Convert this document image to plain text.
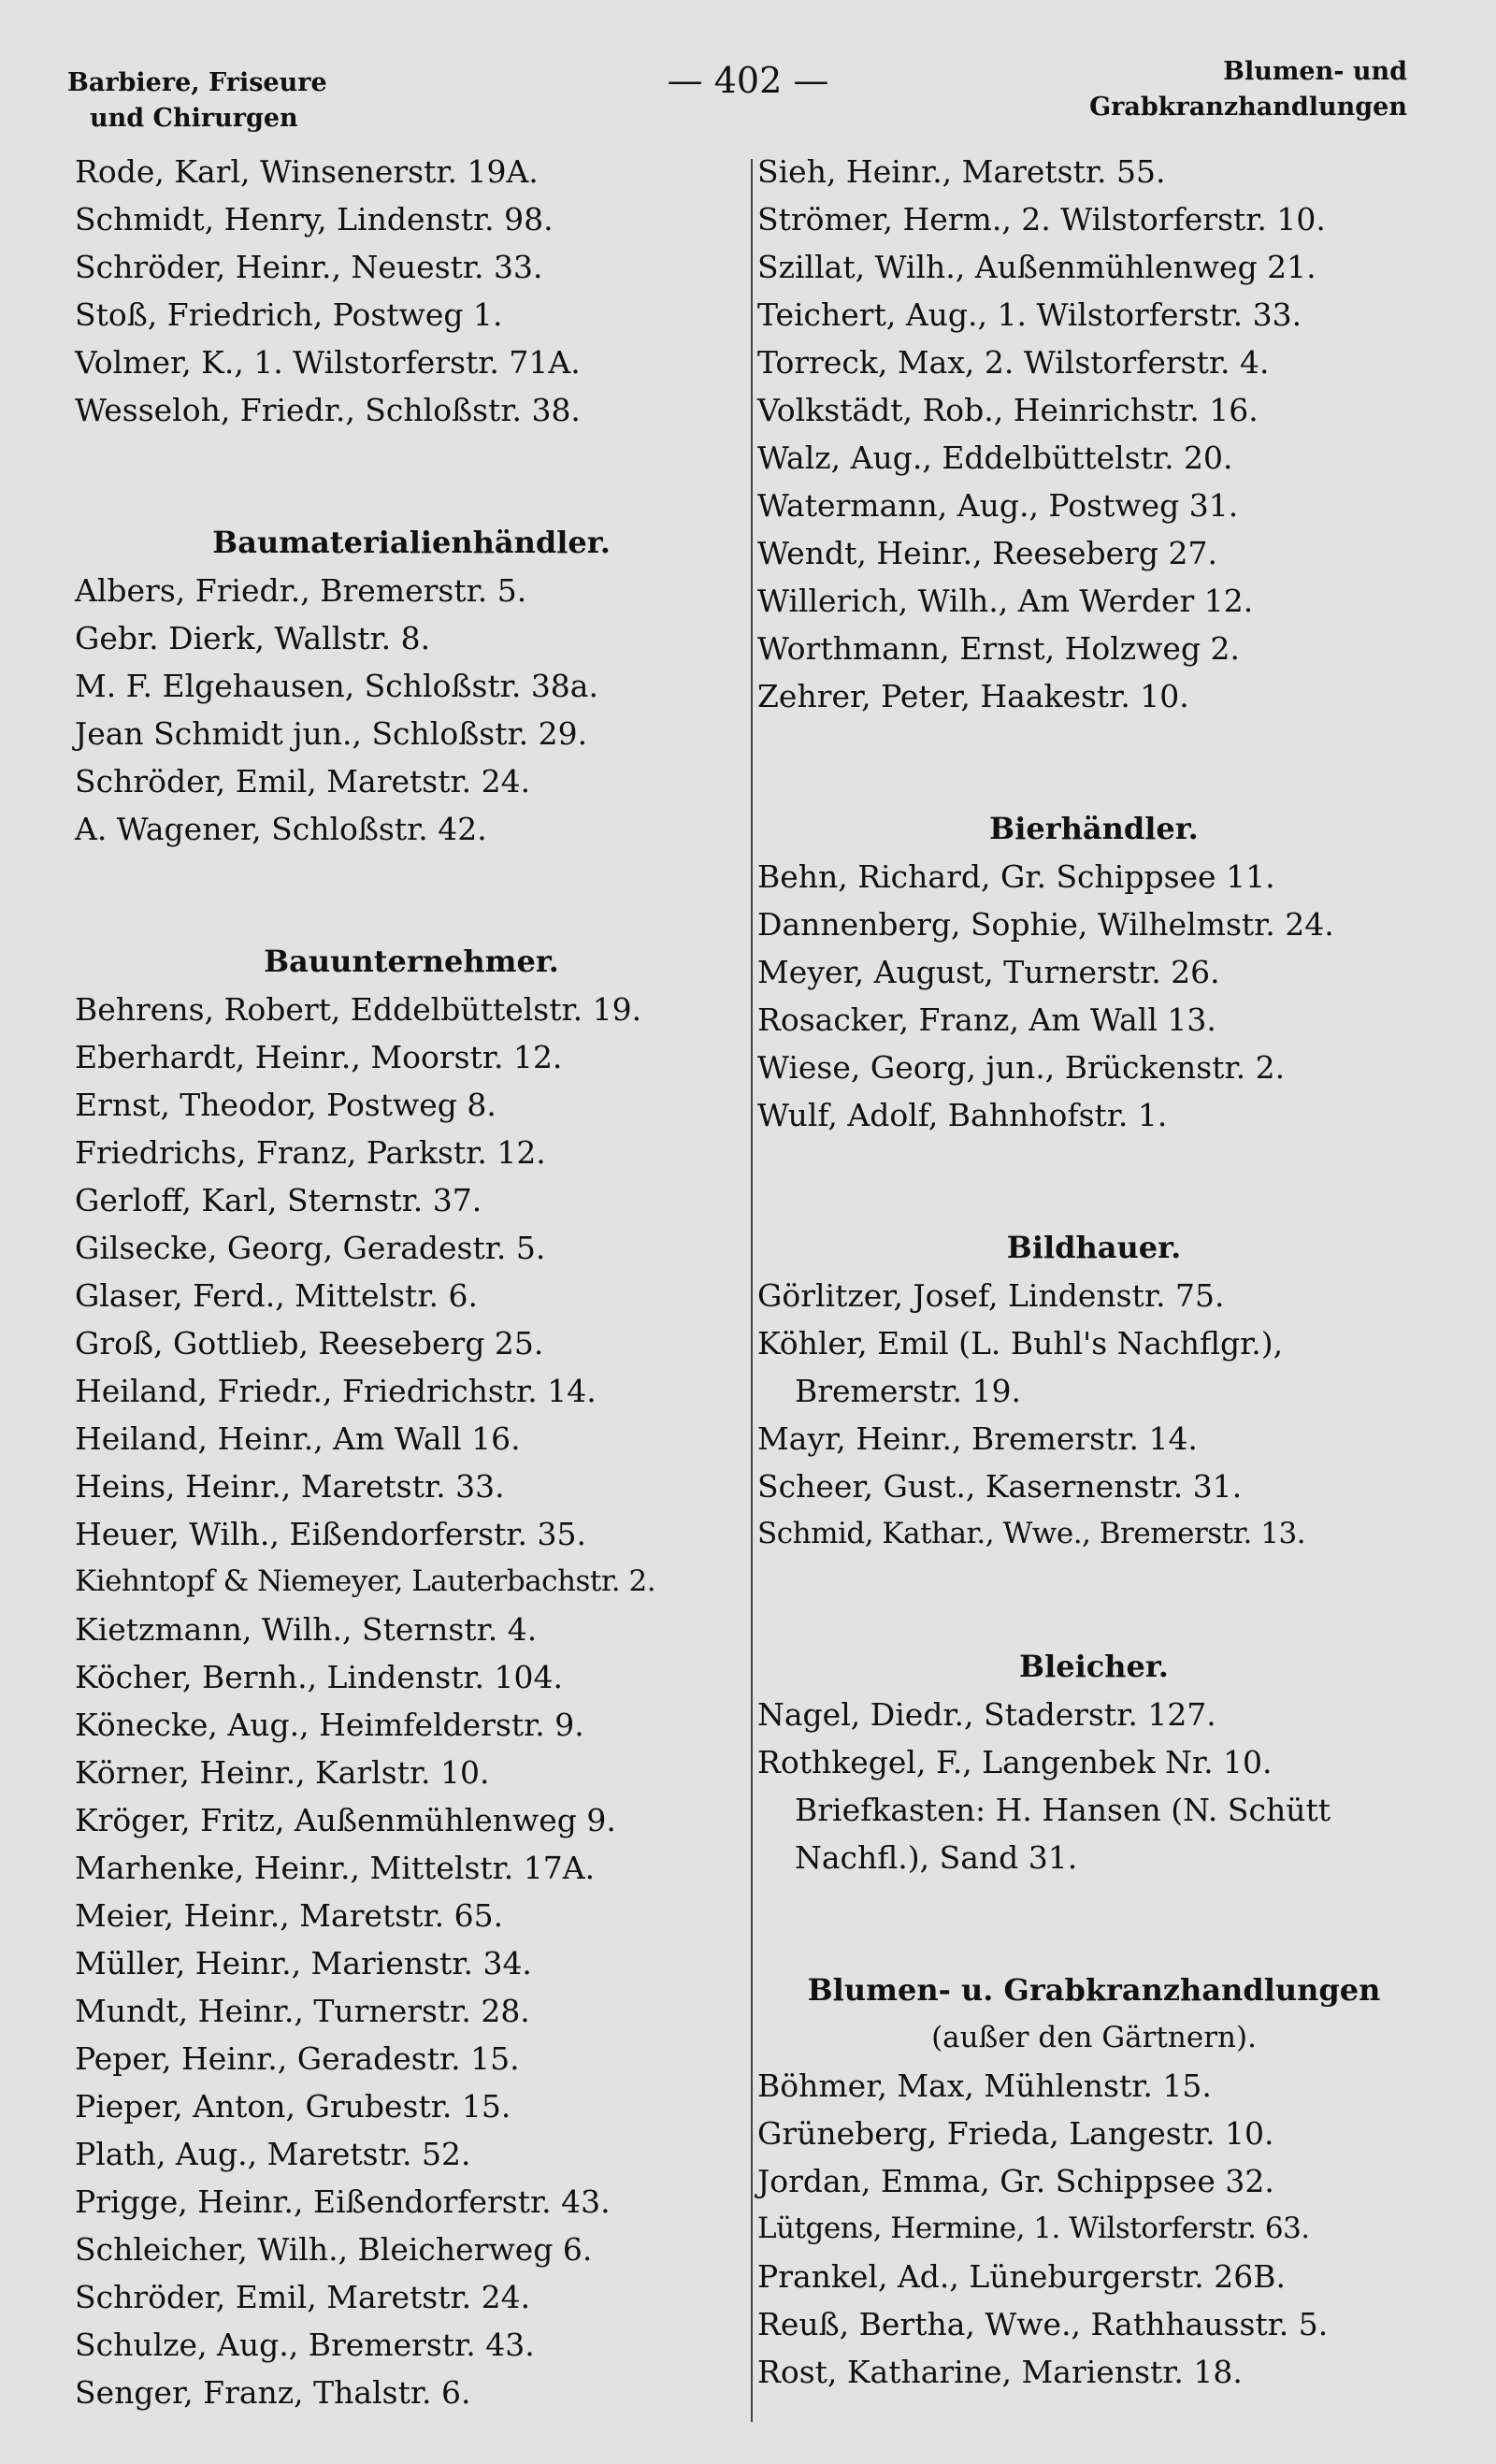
Barbiere, Friseure
und Chirurgen
— 402 —	Blumen- und
Grabkranzhandlungen
Rode, Karl, Winsenerstr. 19A.
Schmidt, Henry, Lindenstr. 98.
Schröder, Heinr., Neuestr. 33.
Stoß, Friedrich, Postweg 1.
Volmer, K., 1. Wilstorferstr. 71A.
Wesseloh, Friedr., Schloßstr. 38.
Baumaterialienhändler.
Albers, Friedr., Bremerstr. 5.
Gebr. Dierk, Wallstr. 8.
M. F. Elgehausen, Schloßstr. 38a.
Jean Schmidt jun., Schloßstr. 29.
Schröder, Emil, Maretstr. 24.
A. Wagener, Schloßstr. 42.
Bauunternehmer.
Behrens, Robert, Eddelbüttelstr. 19.
Eberhardt, Heinr., Moorstr. 12.
Ernst, Theodor, Postweg 8.
Friedrichs, Franz, Parkstr. 12.
Gerloff, Karl, Sternstr. 37.
Gilsecke, Georg, Geradestr. 5.
Glaser, Ferd., Mittelstr. 6.
Groß, Gottlieb, Reeseberg 25.
Heiland, Friedr., Friedrichstr. 14.
Heiland, Heinr., Am Wall 16.
Heins, Heinr., Maretstr. 33.
Heuer, Wilh., Eißendorferstr. 35.
Kiehntopf & Niemeyer, Lauterbachstr. 2.
Kietzmann, Wilh., Sternstr. 4.
Köcher, Bernh., Lindenstr. 104.
Könecke, Aug., Heimfelderstr. 9.
Körner, Heinr., Karlstr. 10.
Kröger, Fritz, Außenmühlenweg 9.
Marhenke, Heinr., Mittelstr. 17A.
Meier, Heinr., Maretstr. 65.
Müller, Heinr., Marienstr. 34.
Mundt, Heinr., Turnerstr. 28.
Peper, Heinr., Geradestr. 15.
Pieper, Anton, Grubestr. 15.
Plath, Aug., Maretstr. 52.
Prigge, Heinr., Eißendorferstr. 43.
Schleicher, Wilh., Bleicherweg 6.
Schröder, Emil, Maretstr. 24.
Schulze, Aug., Bremerstr. 43.
Senger, Franz, Thalstr. 6.
Sieh, Heinr., Maretstr. 55.
Strömer, Herm., 2. Wilstorferstr. 10.
Szillat, Wilh., Außenmühlenweg 21.
Teichert, Aug., 1. Wilstorferstr. 33.
Torreck, Max, 2. Wilstorferstr. 4.
Volkstädt, Rob., Heinrichstr. 16.
Walz, Aug., Eddelbüttelstr. 20.
Watermann, Aug., Postweg 31.
Wendt, Heinr., Reeseberg 27.
Willerich, Wilh., Am Werder 12.
Worthmann, Ernst, Holzweg 2.
Zehrer, Peter, Haakestr. 10.
Bierhändler.
Behn, Richard, Gr. Schippsee 11.
Dannenberg, Sophie, Wilhelmstr. 24.
Meyer, August, Turnerstr. 26.
Rosacker, Franz, Am Wall 13.
Wiese, Georg, jun., Brückenstr. 2.
Wulf, Adolf, Bahnhofstr. 1.
Bildhauer.
Görlitzer, Josef, Lindenstr. 75.
Köhler, Emil (L. Buhl's Nachflgr.),
Bremerstr. 19.
Mayr, Heinr., Bremerstr. 14.
Scheer, Gust., Kasernenstr. 31.
Schmid, Kathar., Wwe., Bremerstr. 13.
Bleicher.
Nagel, Diedr., Staderstr. 127.
Rothkegel, F., Langenbek Nr. 10.
Briefkasten: H. Hansen (N. Schütt
Nachfl.), Sand 31.
Blumen- u. Grabkranzhandlungen
(außer den Gärtnern).
Böhmer, Max, Mühlenstr. 15.
Grüneberg, Frieda, Langestr. 10.
Jordan, Emma, Gr. Schippsee 32.
Lütgens, Hermine, 1. Wilstorferstr. 63.
Prankel, Ad., Lüneburgerstr. 26B.
Reuß, Bertha, Wwe., Rathhausstr. 5.
Rost, Katharine, Marienstr. 18.
